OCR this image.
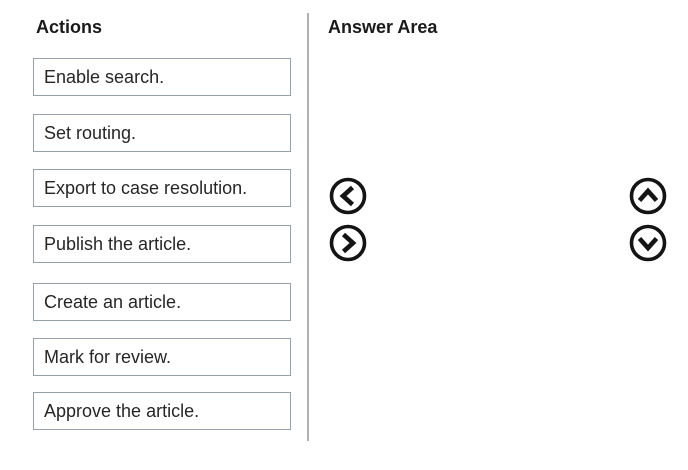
Actions
Enable search.
Set routing.
Export to case resolution.
Publish the article.
Create an article.
Mark for review.
Approve the article.
Answer Area
